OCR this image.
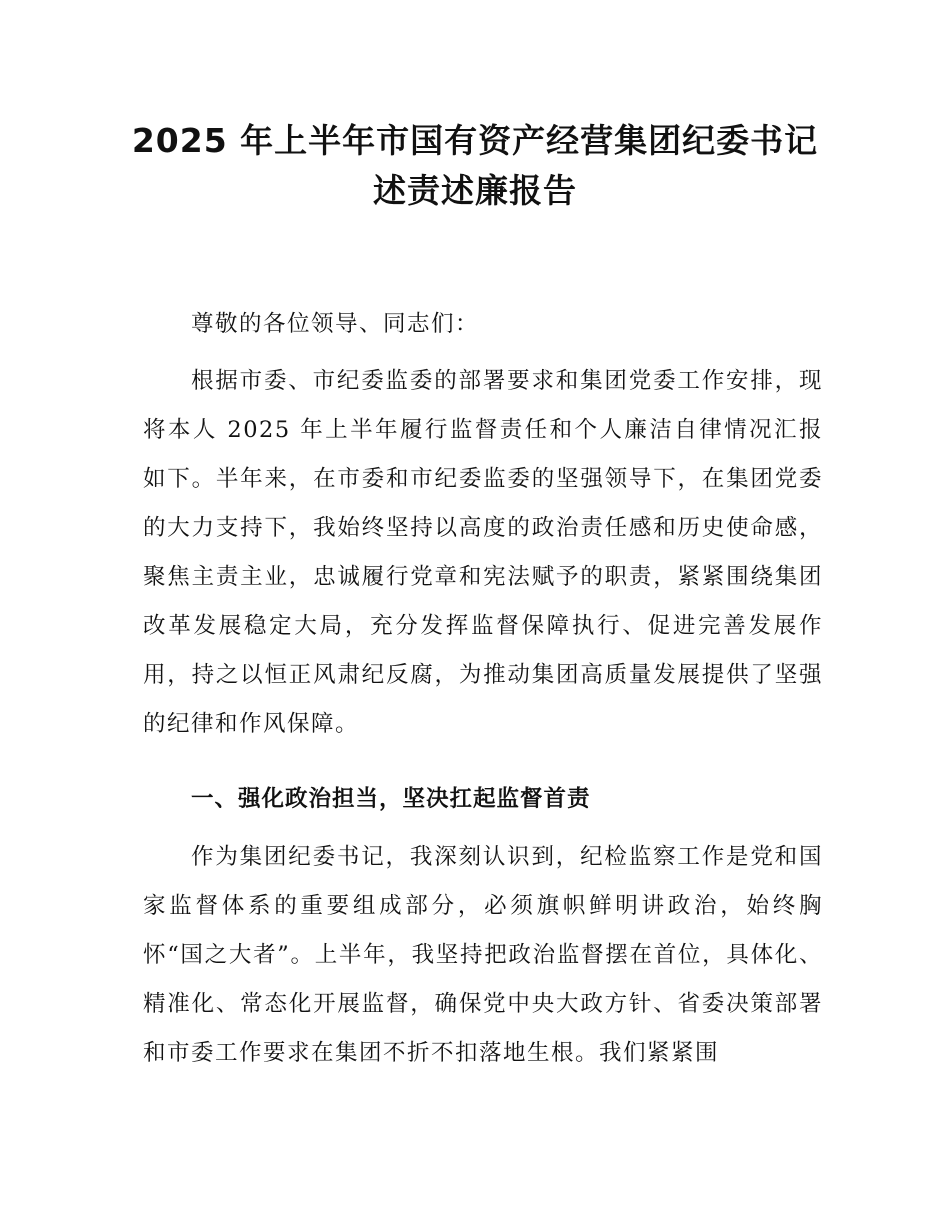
2025 年上半年市国有资产经营集团纪委书记
述责述廉报告

尊敬的各位领导、同志们：

根据市委、市纪委监委的部署要求和集团党委工作安排，现将本人 2025 年上半年履行监督责任和个人廉洁自律情况汇报如下。半年来，在市委和市纪委监委的坚强领导下，在集团党委的大力支持下，我始终坚持以高度的政治责任感和历史使命感，聚焦主责主业，忠诚履行党章和宪法赋予的职责，紧紧围绕集团改革发展稳定大局，充分发挥监督保障执行、促进完善发展作用，持之以恒正风肃纪反腐，为推动集团高质量发展提供了坚强的纪律和作风保障。

一、强化政治担当，坚决扛起监督首责

作为集团纪委书记，我深刻认识到，纪检监察工作是党和国家监督体系的重要组成部分，必须旗帜鲜明讲政治，始终胸怀“国之大者”。上半年，我坚持把政治监督摆在首位，具体化、精准化、常态化开展监督，确保党中央大政方针、省委决策部署和市委工作要求在集团不折不扣落地生根。我们紧紧围
